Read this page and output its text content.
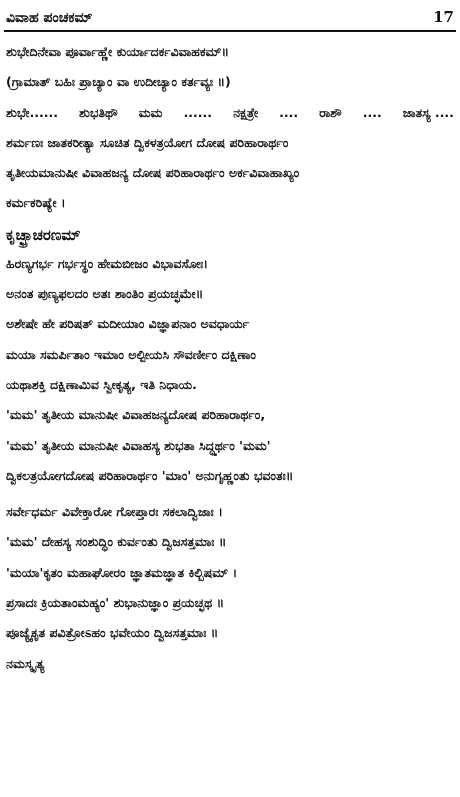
ವಿವಾಹ ಪಂಚಕಮ್	17
ಶುಭೇದಿನೇವಾ ಪೂರ್ವಾಹ್ಣೇ ಕುರ್ಯಾದರ್ಕವಿವಾಹಕಮ್॥
(ಗ್ರಾಮಾತ್ ಬಹಿಃ ಪ್ರಾಚ್ಯಾಂ ವಾ ಉದೀಚ್ಯಾಂ ಕರ್ತವ್ಯಃ ॥)
ಶುಭೇ...... ಶುಭತಿಥೌ ಮಮ ...... ನಕ್ಷತ್ರೇ .... ರಾಶೌ .... ಜಾತಸ್ಯ ....
ಶರ್ಮಣಃ ಜಾತಕರೀತ್ಯಾ ಸೂಚಿತ ದ್ವಿಕಳತ್ರಯೋಗ ದೋಷ ಪರಿಹಾರಾರ್ಥಂ
ತೃತೀಯಮಾನುಷೀ ವಿವಾಹಜನ್ಯ ದೋಷ ಪರಿಹಾರಾರ್ಥಂ ಅರ್ಕವಿವಾಹಾಖ್ಯಂ
ಕರ್ಮಕರಿಷ್ಯೇ ।
ಕೃಚ್ಛ್ರಾಚರಣಮ್
ಹಿರಣ್ಯಗರ್ಭ ಗರ್ಭಸ್ಥಂ ಹೇಮಬೀಜಂ ವಿಭಾವಸೋಃ।
ಅನಂತ ಪುಣ್ಯಫಲದಂ ಅತಃ ಶಾಂತಿಂ ಪ್ರಯಚ್ಛಮೇ॥
ಅಶೇಷೇ ಹೇ ಪರಿಷತ್ ಮದೀಯಾಂ ವಿಜ್ಞಾಪನಾಂ ಅವಧಾರ್ಯ
ಮಯಾ ಸಮರ್ಪಿತಾಂ ಇಮಾಂ ಅಲ್ಪೀಯಸಿ ಸೌವರ್ಣೀಂ ದಕ್ಷಿಣಾಂ
ಯಥಾಶಕ್ತಿ ದಕ್ಷಿಣಾಮಿವ ಸ್ವೀಕೃತ್ಯ, ಇತಿ ನಿಧಾಯ.
'ಮಮ' ತೃತೀಯ ಮಾನುಷೀ ವಿವಾಹಜನ್ಯದೋಷ ಪರಿಹಾರಾರ್ಥಂ,
'ಮಮ' ತೃತೀಯ ಮಾನುಷೀ ವಿವಾಹಸ್ಯ ಶುಭತಾ ಸಿದ್ಧ್ಯರ್ಥಂ 'ಮಮ'
ದ್ವಿಕಲತ್ರಯೋಗದೋಷ ಪರಿಹಾರಾರ್ಥಂ 'ಮಾಂ' ಅನುಗೃಹ್ಣಂತು ಭವಂತಃ॥
ಸರ್ವೇಧರ್ಮ ವಿವೇಕ್ತಾರೋ ಗೋಪ್ತಾರಃ ಸಕಲಾದ್ವಿಜಾಃ ।
'ಮಮ' ದೇಹಸ್ಯ ಸಂಶುದ್ಧಿಂ ಕುರ್ವಂತು ದ್ವಿಜಸತ್ತಮಾಃ ॥
'ಮಯಾ'ಕೃತಂ ಮಹಾಘೋರಂ ಜ್ಞಾತಮಜ್ಞಾತ ಕಿಲ್ಬಿಷಮ್ ।
ಪ್ರಸಾದಃ ಕ್ರಿಯತಾಂಮಹ್ಯಂ' ಶುಭಾನುಜ್ಞಾಂ ಪ್ರಯಚ್ಛಥ ॥
ಪೂಜ್ಯೈಕೃತ ಪವಿತ್ರೋಽಹಂ ಭವೇಯಂ ದ್ವಿಜಸತ್ತಮಾಃ ॥
ನಮಸ್ಕೃತ್ಯ
